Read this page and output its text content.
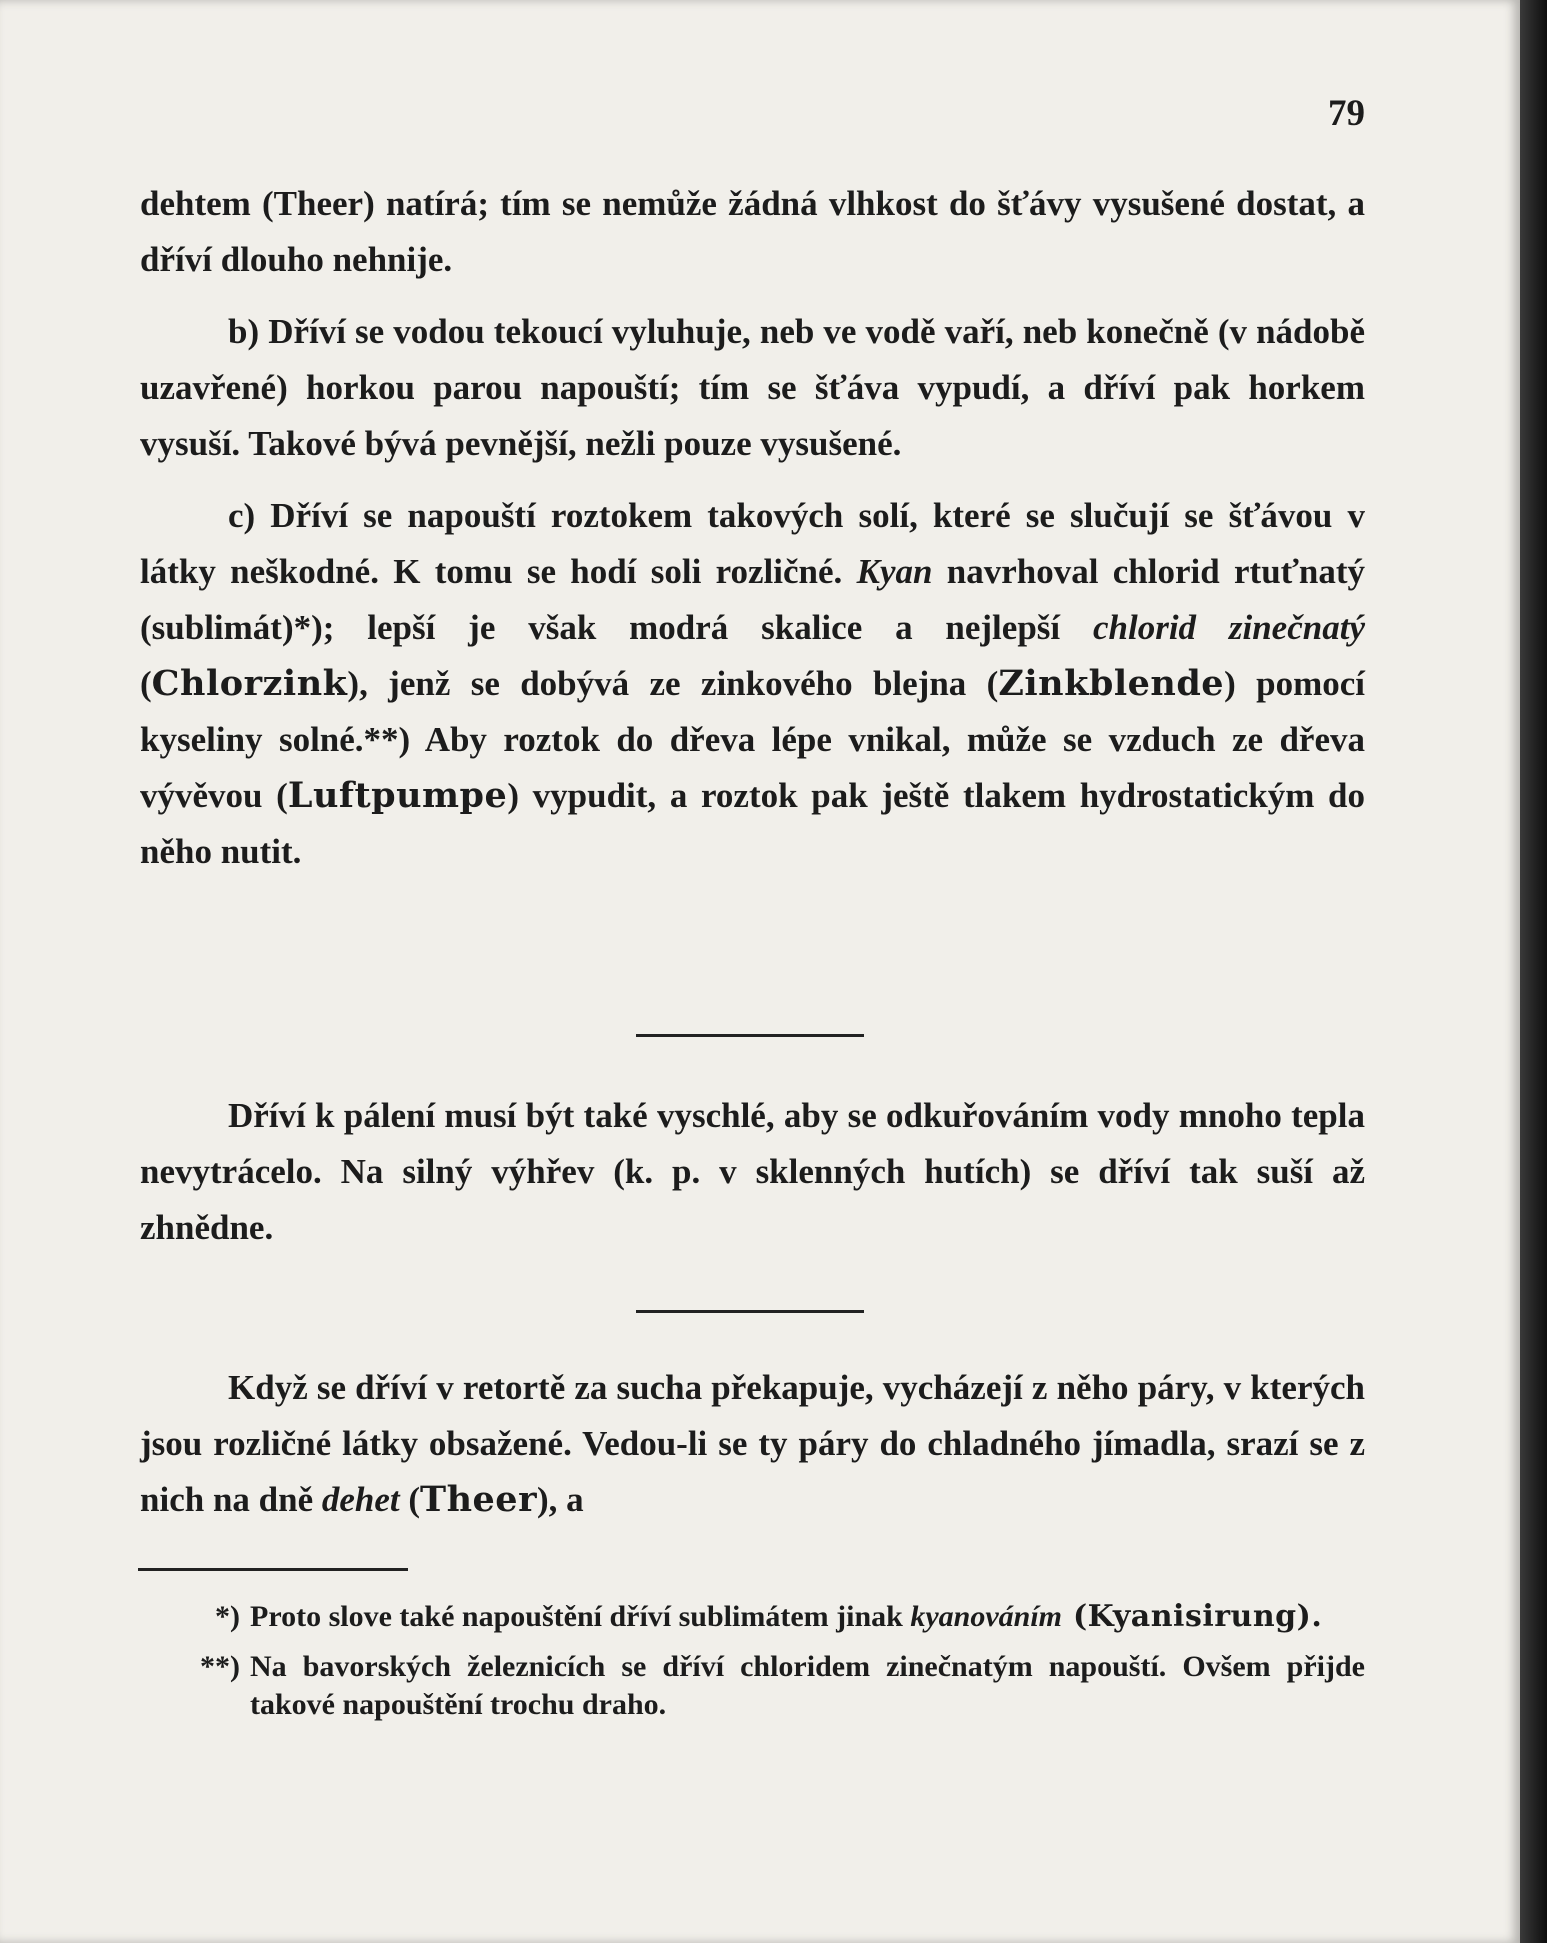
79

dehtem (Theer) natírá; tím se nemůže žádná vlhkost do šťávy vysušené dostat, a dříví dlouho nehnije.

b) Dříví se vodou tekoucí vyluhuje, neb ve vodě vaří, neb konečně (v nádobě uzavřené) horkou parou napouští; tím se šťáva vypudí, a dříví pak horkem vysuší. Takové bývá pevnější, nežli pouze vysušené.

c) Dříví se napouští roztokem takových solí, které se slučují se šťávou v látky neškodné. K tomu se hodí soli rozličné. Kyan navrhoval chlorid rtuťnatý (sublimát)*); lepší je však modrá skalice a nejlepší chlorid zinečnatý (Chlorzink), jenž se dobývá ze zinkového blejna (Zinkblende) pomocí kyseliny solné.**) Aby roztok do dřeva lépe vnikal, může se vzduch ze dřeva vývěvou (Luftpumpe) vypudit, a roztok pak ještě tlakem hydrostatickým do něho nutit.

Dříví k pálení musí být také vyschlé, aby se odkuřováním vody mnoho tepla nevytrácelo. Na silný výhřev (k. p. v sklenných hutích) se dříví tak suší až zhnědne.

Když se dříví v retortě za sucha překapuje, vycházejí z něho páry, v kterých jsou rozličné látky obsažené. Vedou-li se ty páry do chladného jímadla, srazí se z nich na dně dehet (Theer), a

*) Proto slove také napouštění dříví sublimátem jinak kyanováním (Kyanisirung).
**) Na bavorských železnicích se dříví chloridem zinečnatým napouští. Ovšem přijde takové napouštění trochu draho.
